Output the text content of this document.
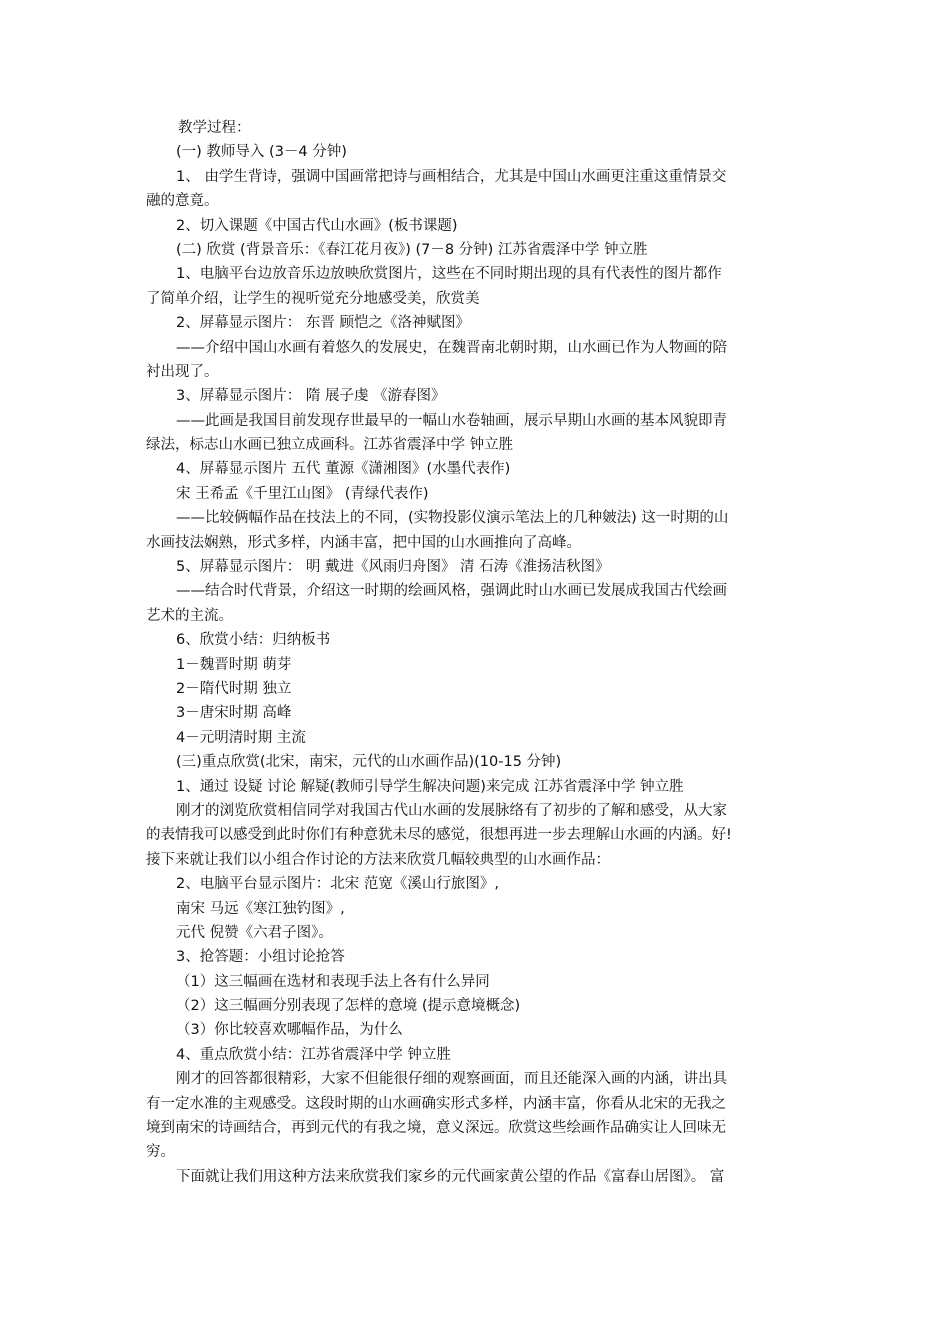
教学过程：
(一) 教师导入 (3－4 分钟)
1、 由学生背诗，强调中国画常把诗与画相结合，尤其是中国山水画更注重这重情景交
融的意竟。
2、切入课题《中国古代山水画》(板书课题)
(二) 欣赏 (背景音乐：《春江花月夜》) (7－8 分钟) 江苏省震泽中学 钟立胜
1、电脑平台边放音乐边放映欣赏图片，这些在不同时期出现的具有代表性的图片都作
了简单介绍，让学生的视听觉充分地感受美，欣赏美
2、屏幕显示图片： 东晋 顾恺之《洛神赋图》
——介绍中国山水画有着悠久的发展史，在魏晋南北朝时期，山水画已作为人物画的陪
衬出现了。
3、屏幕显示图片： 隋 展子虔 《游春图》
——此画是我国目前发现存世最早的一幅山水卷轴画，展示早期山水画的基本风貌即青
绿法，标志山水画已独立成画科。江苏省震泽中学 钟立胜
4、屏幕显示图片 五代 董源《潇湘图》(水墨代表作)
宋 王希孟《千里江山图》 (青绿代表作)
——比较俩幅作品在技法上的不同，(实物投影仪演示笔法上的几种皴法) 这一时期的山
水画技法娴熟，形式多样，内涵丰富，把中国的山水画推向了高峰。
5、屏幕显示图片： 明 戴进《风雨归舟图》 清 石涛《淮扬洁秋图》
——结合时代背景，介绍这一时期的绘画风格，强调此时山水画已发展成我国古代绘画
艺术的主流。
6、欣赏小结：归纳板书
1－魏晋时期 萌芽
2－隋代时期 独立
3－唐宋时期 高峰
4－元明清时期 主流
(三)重点欣赏(北宋，南宋，元代的山水画作品)(10-15 分钟)
1、通过 设疑 讨论 解疑(教师引导学生解决问题)来完成 江苏省震泽中学 钟立胜
刚才的浏览欣赏相信同学对我国古代山水画的发展脉络有了初步的了解和感受，从大家
的表情我可以感受到此时你们有种意犹未尽的感觉，很想再进一步去理解山水画的内涵。好!
接下来就让我们以小组合作讨论的方法来欣赏几幅较典型的山水画作品：
2、电脑平台显示图片：北宋 范宽《溪山行旅图》,
南宋 马远《寒江独钓图》,
元代 倪赞《六君子图》。
3、抢答题：小组讨论抢答
（1）这三幅画在选材和表现手法上各有什么异同
（2）这三幅画分别表现了怎样的意境 (提示意境概念)
（3）你比较喜欢哪幅作品，为什么
4、重点欣赏小结：江苏省震泽中学 钟立胜
刚才的回答都很精彩，大家不但能很仔细的观察画面，而且还能深入画的内涵，讲出具
有一定水准的主观感受。这段时期的山水画确实形式多样，内涵丰富，你看从北宋的无我之
境到南宋的诗画结合，再到元代的有我之境，意义深远。欣赏这些绘画作品确实让人回味无
穷。
下面就让我们用这种方法来欣赏我们家乡的元代画家黄公望的作品《富春山居图》。 富
